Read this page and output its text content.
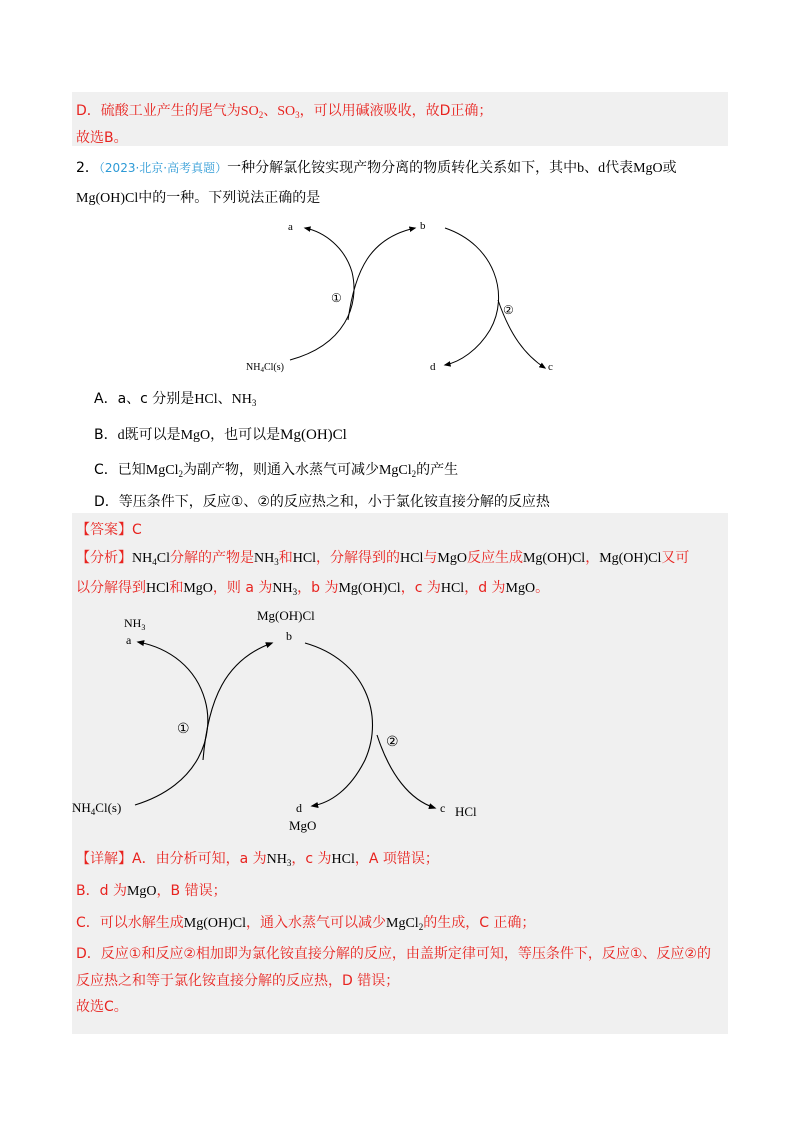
D．硫酸工业产生的尾气为$SO_2$、$SO_3$，可以用碱液吸收，故D正确；
故选B。
2．（2023·北京·高考真题）一种分解氯化铵实现产物分离的物质转化关系如下，其中b、d代表MgO或
Mg(OH)Cl中的一种。下列说法正确的是
a	b
①
②
d	c
$NH_4Cl(s)$
A．a、c 分别是HCl、$NH_3$
B．d既可以是MgO，也可以是Mg(OH)Cl
C．已知MgCl$_2$为副产物，则通入水蒸气可减少MgCl$_2$的产生
D．等压条件下，反应①、②的反应热之和，小于氯化铵直接分解的反应热
【答案】C
【分析】$NH_4Cl$分解的产物是$NH_3$和HCl，分解得到的HCl与MgO反应生成Mg(OH)Cl，Mg(OH)Cl又可
以分解得到HCl和MgO，则 a 为$NH_3$，b 为Mg(OH)Cl，c 为HCl，d 为MgO。
$NH_3$
a
Mg(OH)Cl
b
①
②
$NH_4Cl(s)$	d
MgO
c HCl
【详解】A．由分析可知，a 为$NH_3$，c 为HCl，A 项错误；
B．d 为MgO，B 错误；
C．可以水解生成Mg(OH)Cl，通入水蒸气可以减少MgCl$_2$的生成，C 正确；
D．反应①和反应②相加即为氯化铵直接分解的反应，由盖斯定律可知，等压条件下，反应①、反应②的
反应热之和等于氯化铵直接分解的反应热，D 错误；
故选C。
